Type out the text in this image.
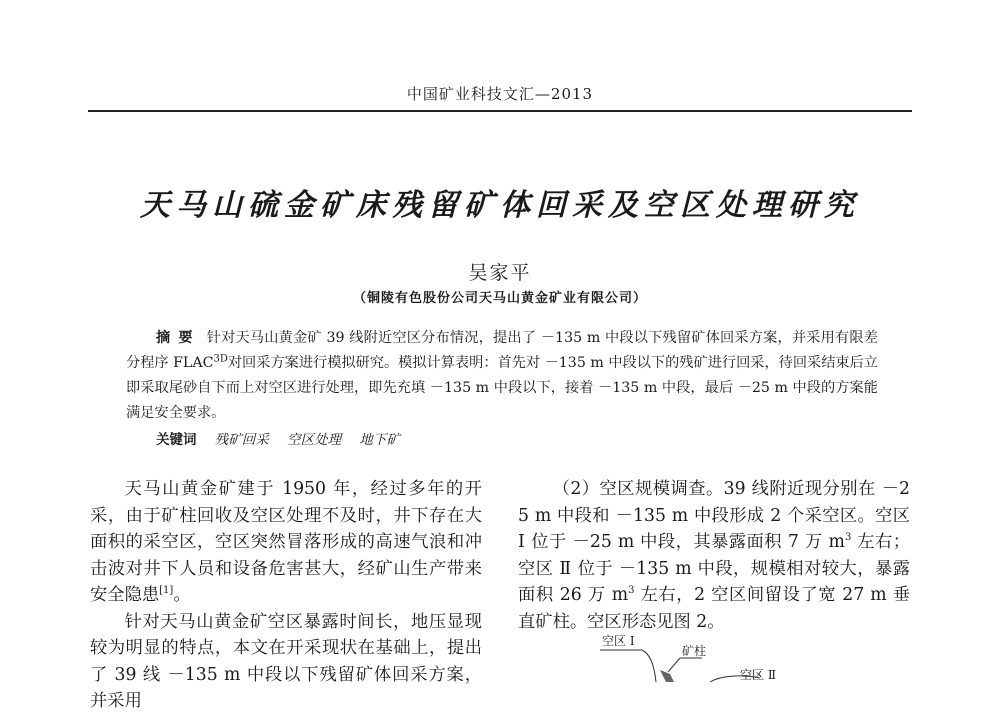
中国矿业科技文汇—2013
天马山硫金矿床残留矿体回采及空区处理研究
吴家平
（铜陵有色股份公司天马山黄金矿业有限公司）
摘要 针对天马山黄金矿 39 线附近空区分布情况，提出了 －135 m 中段以下残留矿体回采方案，并采用有限差分程序 $FLAC^{3D}$对回采方案进行模拟研究。模拟计算表明：首先对 －135 m 中段以下的残矿进行回采，待回采结束后立即采取尾砂自下而上对空区进行处理，即先充填 －135 m 中段以下，接着 －135 m 中段，最后 －25 m 中段的方案能满足安全要求。
关键词 残矿回采 空区处理 地下矿

天马山黄金矿建于 1950 年，经过多年的开采，由于矿柱回收及空区处理不及时，井下存在大面积的采空区，空区突然冒落形成的高速气浪和冲击波对井下人员和设备危害甚大，经矿山生产带来安全隐患[1]。

针对天马山黄金矿空区暴露时间长，地压显现较为明显的特点，本文在开采现状在基础上，提出了 39 线 －135 m 中段以下残留矿体回采方案，并采用

（2）空区规模调查。39 线附近现分别在 －25 m 中段和 －135 m 中段形成 2 个采空区。空区 Ⅰ 位于 －25 m 中段，其暴露面积 7 万 $m^3$ 左右；空区 Ⅱ 位于 －135 m 中段，规模相对较大，暴露面积 26 万 $m^3$ 左右，2 空区间留设了宽 27 m 垂直矿柱。空区形态见图 2。

空区 Ⅰ
矿柱
空区 Ⅱ
